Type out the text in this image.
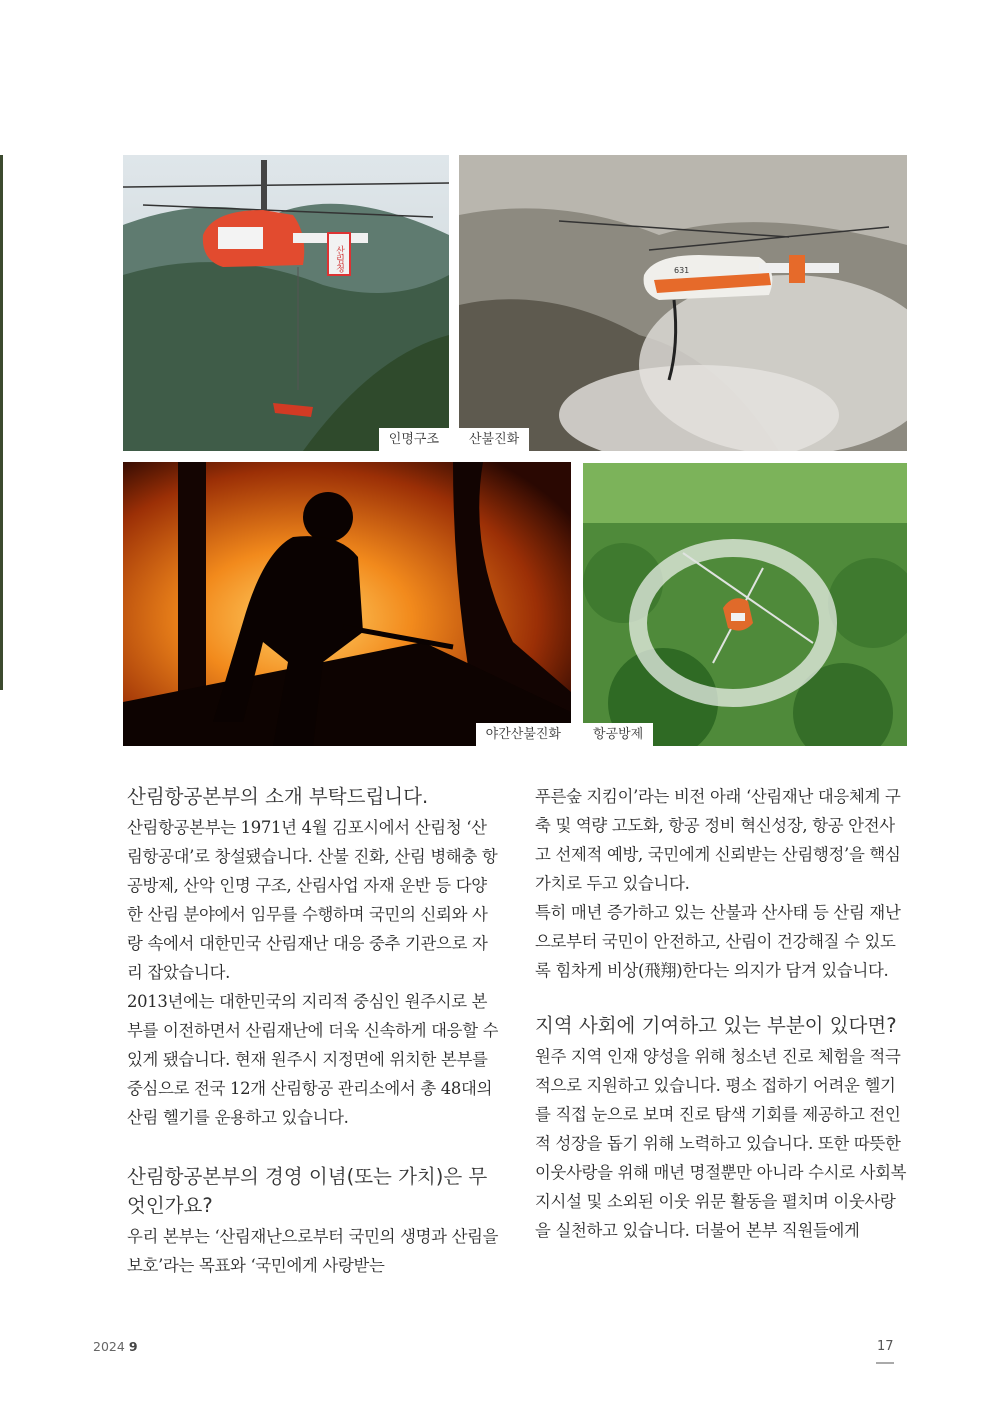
산림청
인명구조
631
산불진화
야간산불진화	항공방제
산림항공본부의 소개 부탁드립니다.

산림항공본부는 1971년 4월 김포시에서 산림청 ‘산림항공대’로 창설됐습니다. 산불 진화, 산림 병해충 항공방제, 산악 인명 구조, 산림사업 자재 운반 등 다양한 산림 분야에서 임무를 수행하며 국민의 신뢰와 사랑 속에서 대한민국 산림재난 대응 중추 기관으로 자리 잡았습니다.

2013년에는 대한민국의 지리적 중심인 원주시로 본부를 이전하면서 산림재난에 더욱 신속하게 대응할 수 있게 됐습니다. 현재 원주시 지정면에 위치한 본부를 중심으로 전국 12개 산림항공 관리소에서 총 48대의 산림 헬기를 운용하고 있습니다.

산림항공본부의 경영 이념(또는 가치)은 무엇인가요?

우리 본부는 ‘산림재난으로부터 국민의 생명과 산림을 보호’라는 목표와 ‘국민에게 사랑받는

푸른숲 지킴이’라는 비전 아래 ‘산림재난 대응체계 구축 및 역량 고도화, 항공 정비 혁신성장, 항공 안전사고 선제적 예방, 국민에게 신뢰받는 산림행정’을 핵심 가치로 두고 있습니다.

특히 매년 증가하고 있는 산불과 산사태 등 산림 재난으로부터 국민이 안전하고, 산림이 건강해질 수 있도록 힘차게 비상(飛翔)한다는 의지가 담겨 있습니다.

지역 사회에 기여하고 있는 부분이 있다면?

원주 지역 인재 양성을 위해 청소년 진로 체험을 적극적으로 지원하고 있습니다. 평소 접하기 어려운 헬기를 직접 눈으로 보며 진로 탐색 기회를 제공하고 전인적 성장을 돕기 위해 노력하고 있습니다. 또한 따뜻한 이웃사랑을 위해 매년 명절뿐만 아니라 수시로 사회복지시설 및 소외된 이웃 위문 활동을 펼치며 이웃사랑을 실천하고 있습니다. 더불어 본부 직원들에게

2024 9	17
